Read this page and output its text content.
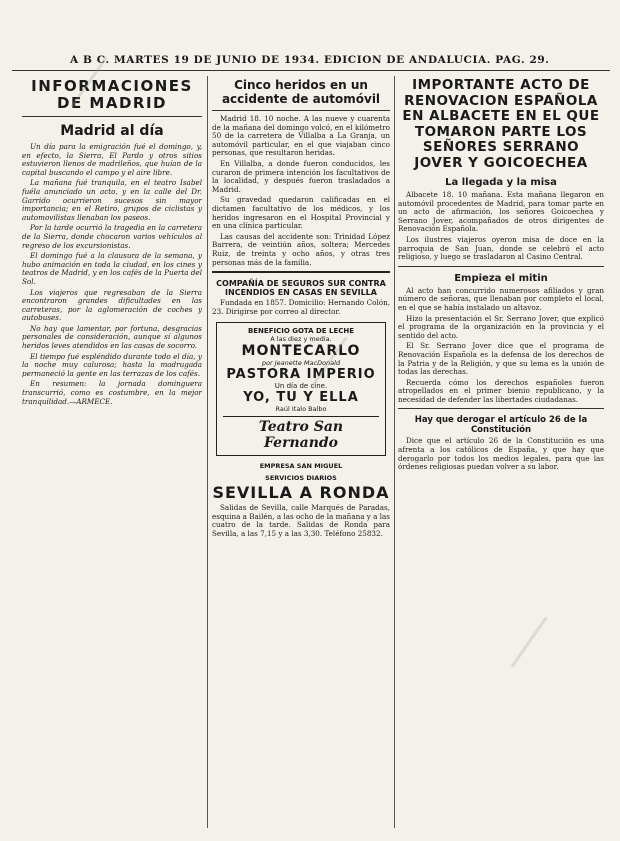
A B C. MARTES 19 DE JUNIO DE 1934. EDICION DE ANDALUCIA. PAG. 29.
INFORMACIONES
DE MADRID
Madrid al día

Un día para la emigración fué el domingo, y, en efecto, la Sierra, El Pardo y otros sitios estuvieron llenos de madrileños, que huían de la capital buscando el campo y el aire libre.

La mañana fué tranquila, en el teatro Isabel fuéla anunciado un acto, y en la calle del Dr. Garrido ocurrieron sucesos sin mayor importancia; en el Retiro, grupos de ciclistas y automovilistas llenaban los paseos.

Por la tarde ocurrió la tragedia en la carretera de la Sierra, donde chocaron varios vehículos al regreso de los excursionistas.

El domingo fué a la clausura de la semana, y hubo animación en toda la ciudad, en los cines y teatros de Madrid, y en los cafés de la Puerta del Sol.

Los viajeros que regresaban de la Sierra encontraron grandes dificultades en las carreteras, por la aglomeración de coches y autobuses.

No hay que lamentar, por fortuna, desgracias personales de consideración, aunque sí algunos heridos leves atendidos en las casas de socorro.

El tiempo fué espléndido durante todo el día, y la noche muy calurosa; hasta la madrugada permaneció la gente en las terrazas de los cafés.

En resumen: la jornada dominguera transcurrió, como es costumbre, en la mejor tranquilidad.—ARMECE.

Cinco heridos en un accidente de automóvil

Madrid 18. 10 noche. A las nueve y cuarenta de la mañana del domingo volcó, en el kilómetro 50 de la carretera de Villalba a La Granja, un automóvil particular, en el que viajaban cinco personas, que resultaron heridas.

En Villalba, a donde fueron conducidos, les curaron de primera intención los facultativos de la localidad, y después fueron trasladados a Madrid.

Su gravedad quedaron calificadas en el dictamen facultativo de los médicos, y los heridos ingresaron en el Hospital Provincial y en una clínica particular.

Las causas del accidente son: Trinidad López Barrera, de veintiún años, soltera; Mercedes Ruiz, de treinta y ocho años, y otras tres personas más de la familia.

COMPAÑÍA DE SEGUROS SUR CONTRA INCENDIOS EN CASAS EN SEVILLA

Fundada en 1857. Domicilio: Hernando Colón, 23. Dirigirse por correo al director.

BENEFICIO GOTA DE LECHE
A las diez y media.
MONTECARLO
por Jeanette MacDonald
PASTORA IMPERIO
Un día de cine.
YO, TU Y ELLA
Raúl Italo Balbo
Teatro San Fernando
EMPRESA SAN MIGUEL
SERVICIOS DIARIOS
SEVILLA A RONDA

Salidas de Sevilla, calle Marqués de Paradas, esquina a Bailén, a las ocho de la mañana y a las cuatro de la tarde. Salidas de Ronda para Sevilla, a las 7,15 y a las 3,30. Teléfono 25832.

IMPORTANTE ACTO DE RENOVACION ESPAÑOLA EN ALBACETE EN EL QUE TOMARON PARTE LOS SEÑORES SERRANO JOVER Y GOICOECHEA
La llegada y la misa

Albacete 18. 10 mañana. Esta mañana llegaron en automóvil procedentes de Madrid, para tomar parte en un acto de afirmación, los señores Goicoechea y Serrano Jover, acompañados de otros dirigentes de Renovación Española.

Los ilustres viajeros oyeron misa de doce en la parroquia de San Juan, donde se celebró el acto religioso, y luego se trasladaron al Casino Central.

Empieza el mitin

Al acto han concurrido numerosos afiliados y gran número de señoras, que llenaban por completo el local, en el que se había instalado un altavoz.

Hizo la presentación el Sr. Serrano Jover, que explicó el programa de la organización en la provincia y el sentido del acto.

El Sr. Serrano Jover dice que el programa de Renovación Española es la defensa de los derechos de la Patria y de la Religión, y que su lema es la unión de todas las derechas.

Recuerda cómo los derechos españoles fueron atropellados en el primer bienio republicano, y la necesidad de defender las libertades ciudadanas.

Hay que derogar el artículo 26 de la Constitución

Dice que el artículo 26 de la Constitución es una afrenta a los católicos de España, y que hay que derogarlo por todos los medios legales, para que las órdenes religiosas puedan volver a su labor.
